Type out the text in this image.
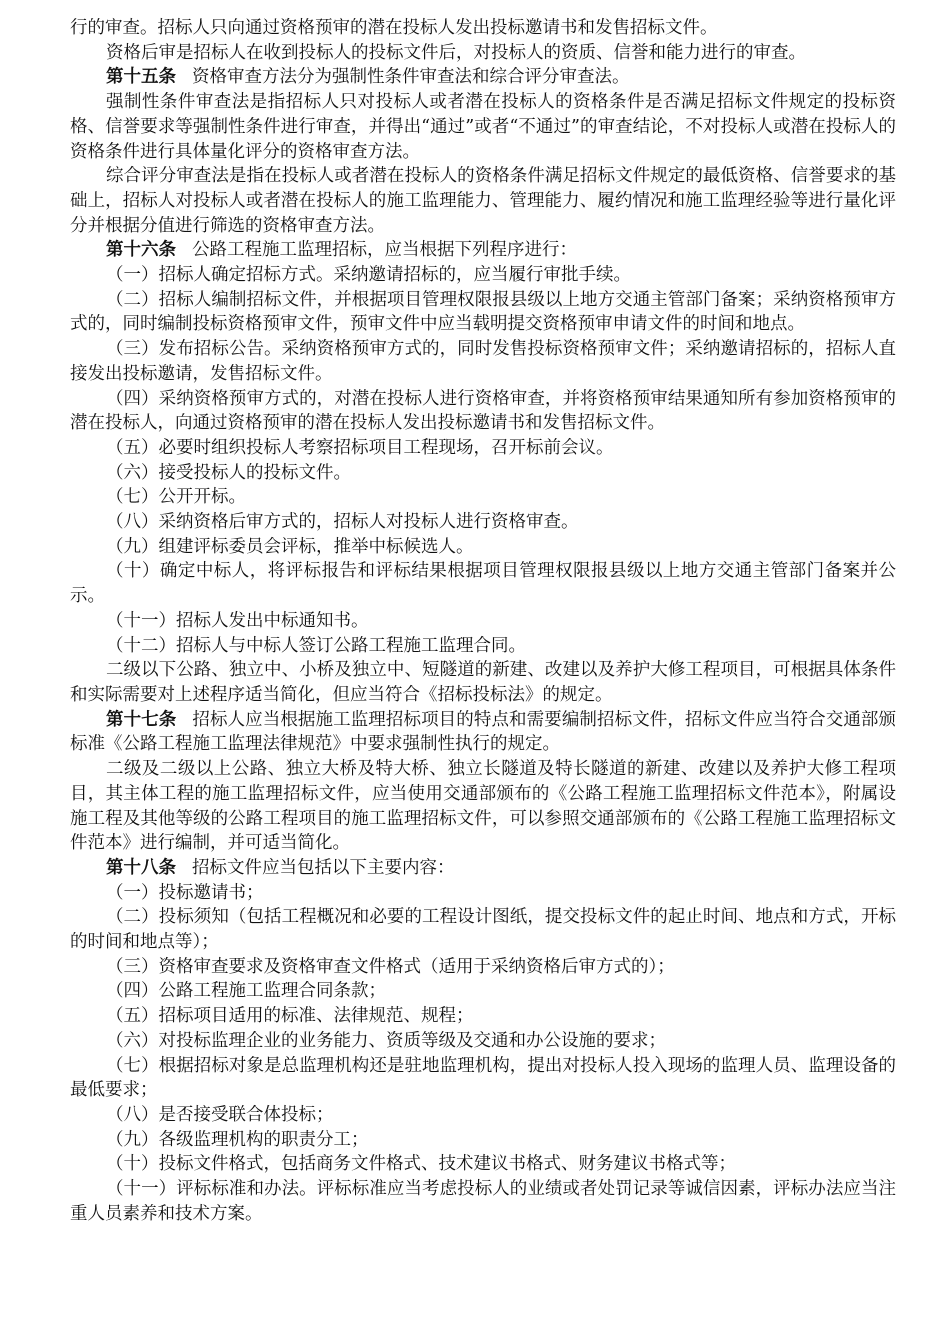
行的审查。招标人只向通过资格预审的潜在投标人发出投标邀请书和发售招标文件。

资格后审是招标人在收到投标人的投标文件后，对投标人的资质、信誉和能力进行的审查。

第十五条 资格审查方法分为强制性条件审查法和综合评分审查法。

强制性条件审查法是指招标人只对投标人或者潜在投标人的资格条件是否满足招标文件规定的投标资格、信誉要求等强制性条件进行审查，并得出“通过”或者“不通过”的审查结论，不对投标人或潜在投标人的资格条件进行具体量化评分的资格审查方法。

综合评分审查法是指在投标人或者潜在投标人的资格条件满足招标文件规定的最低资格、信誉要求的基础上，招标人对投标人或者潜在投标人的施工监理能力、管理能力、履约情况和施工监理经验等进行量化评分并根据分值进行筛选的资格审查方法。

第十六条 公路工程施工监理招标，应当根据下列程序进行：

（一）招标人确定招标方式。采纳邀请招标的，应当履行审批手续。

（二）招标人编制招标文件，并根据项目管理权限报县级以上地方交通主管部门备案；采纳资格预审方式的，同时编制投标资格预审文件，预审文件中应当载明提交资格预审申请文件的时间和地点。

（三）发布招标公告。采纳资格预审方式的，同时发售投标资格预审文件；采纳邀请招标的，招标人直接发出投标邀请，发售招标文件。

（四）采纳资格预审方式的，对潜在投标人进行资格审查，并将资格预审结果通知所有参加资格预审的潜在投标人，向通过资格预审的潜在投标人发出投标邀请书和发售招标文件。

（五）必要时组织投标人考察招标项目工程现场，召开标前会议。

（六）接受投标人的投标文件。

（七）公开开标。

（八）采纳资格后审方式的，招标人对投标人进行资格审查。

（九）组建评标委员会评标，推举中标候选人。

（十）确定中标人，将评标报告和评标结果根据项目管理权限报县级以上地方交通主管部门备案并公示。

（十一）招标人发出中标通知书。

（十二）招标人与中标人签订公路工程施工监理合同。

二级以下公路、独立中、小桥及独立中、短隧道的新建、改建以及养护大修工程项目，可根据具体条件和实际需要对上述程序适当简化，但应当符合《招标投标法》的规定。

第十七条 招标人应当根据施工监理招标项目的特点和需要编制招标文件，招标文件应当符合交通部颁标准《公路工程施工监理法律规范》中要求强制性执行的规定。

二级及二级以上公路、独立大桥及特大桥、独立长隧道及特长隧道的新建、改建以及养护大修工程项目，其主体工程的施工监理招标文件，应当使用交通部颁布的《公路工程施工监理招标文件范本》，附属设施工程及其他等级的公路工程项目的施工监理招标文件，可以参照交通部颁布的《公路工程施工监理招标文件范本》进行编制，并可适当简化。

第十八条 招标文件应当包括以下主要内容：

（一）投标邀请书；

（二）投标须知（包括工程概况和必要的工程设计图纸，提交投标文件的起止时间、地点和方式，开标的时间和地点等）；

（三）资格审查要求及资格审查文件格式（适用于采纳资格后审方式的）；

（四）公路工程施工监理合同条款；

（五）招标项目适用的标准、法律规范、规程；

（六）对投标监理企业的业务能力、资质等级及交通和办公设施的要求；

（七）根据招标对象是总监理机构还是驻地监理机构，提出对投标人投入现场的监理人员、监理设备的最低要求；

（八）是否接受联合体投标；

（九）各级监理机构的职责分工；

（十）投标文件格式，包括商务文件格式、技术建议书格式、财务建议书格式等；

（十一）评标标准和办法。评标标准应当考虑投标人的业绩或者处罚记录等诚信因素，评标办法应当注重人员素养和技术方案。
